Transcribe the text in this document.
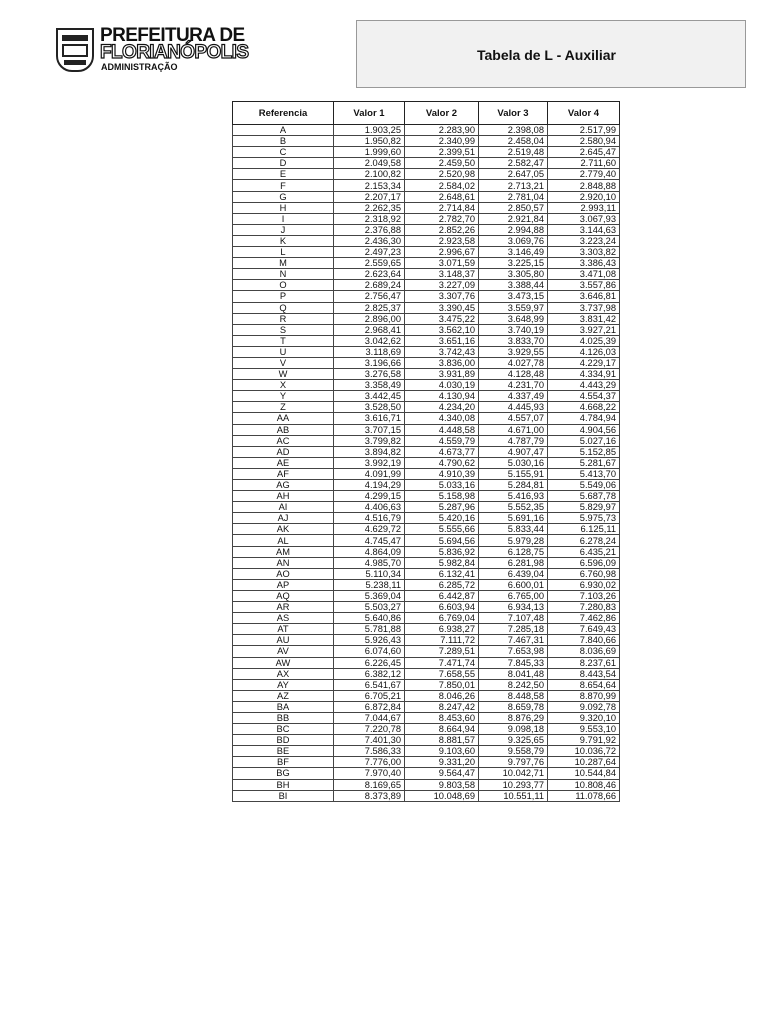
PREFEITURA DE
FLORIANÓPOLIS
ADMINISTRAÇÃO
Tabela de L - Auxiliar
Referencia	Valor 1	Valor 2	Valor 3	Valor 4
A	1.903,25	2.283,90	2.398,08	2.517,99
B	1.950,82	2.340,99	2.458,04	2.580,94
C	1.999,60	2.399,51	2.519,48	2.645,47
D	2.049,58	2.459,50	2.582,47	2.711,60
E	2.100,82	2.520,98	2.647,05	2.779,40
F	2.153,34	2.584,02	2.713,21	2.848,88
G	2.207,17	2.648,61	2.781,04	2.920,10
H	2.262,35	2.714,84	2.850,57	2.993,11
I	2.318,92	2.782,70	2.921,84	3.067,93
J	2.376,88	2.852,26	2.994,88	3.144,63
K	2.436,30	2.923,58	3.069,76	3.223,24
L	2.497,23	2.996,67	3.146,49	3.303,82
M	2.559,65	3.071,59	3.225,15	3.386,43
N	2.623,64	3.148,37	3.305,80	3.471,08
O	2.689,24	3.227,09	3.388,44	3.557,86
P	2.756,47	3.307,76	3.473,15	3.646,81
Q	2.825,37	3.390,45	3.559,97	3.737,98
R	2.896,00	3.475,22	3.648,99	3.831,42
S	2.968,41	3.562,10	3.740,19	3.927,21
T	3.042,62	3.651,16	3.833,70	4.025,39
U	3.118,69	3.742,43	3.929,55	4.126,03
V	3.196,66	3.836,00	4.027,78	4.229,17
W	3.276,58	3.931,89	4.128,48	4.334,91
X	3.358,49	4.030,19	4.231,70	4.443,29
Y	3.442,45	4.130,94	4.337,49	4.554,37
Z	3.528,50	4.234,20	4.445,93	4.668,22
AA	3.616,71	4.340,08	4.557,07	4.784,94
AB	3.707,15	4.448,58	4.671,00	4.904,56
AC	3.799,82	4.559,79	4.787,79	5.027,16
AD	3.894,82	4.673,77	4.907,47	5.152,85
AE	3.992,19	4.790,62	5.030,16	5.281,67
AF	4.091,99	4.910,39	5.155,91	5.413,70
AG	4.194,29	5.033,16	5.284,81	5.549,06
AH	4.299,15	5.158,98	5.416,93	5.687,78
AI	4.406,63	5.287,96	5.552,35	5.829,97
AJ	4.516,79	5.420,16	5.691,16	5.975,73
AK	4.629,72	5.555,66	5.833,44	6.125,11
AL	4.745,47	5.694,56	5.979,28	6.278,24
AM	4.864,09	5.836,92	6.128,75	6.435,21
AN	4.985,70	5.982,84	6.281,98	6.596,09
AO	5.110,34	6.132,41	6.439,04	6.760,98
AP	5.238,11	6.285,72	6.600,01	6.930,02
AQ	5.369,04	6.442,87	6.765,00	7.103,26
AR	5.503,27	6.603,94	6.934,13	7.280,83
AS	5.640,86	6.769,04	7.107,48	7.462,86
AT	5.781,88	6.938,27	7.285,18	7.649,43
AU	5.926,43	7.111,72	7.467,31	7.840,66
AV	6.074,60	7.289,51	7.653,98	8.036,69
AW	6.226,45	7.471,74	7.845,33	8.237,61
AX	6.382,12	7.658,55	8.041,48	8.443,54
AY	6.541,67	7.850,01	8.242,50	8.654,64
AZ	6.705,21	8.046,26	8.448,58	8.870,99
BA	6.872,84	8.247,42	8.659,78	9.092,78
BB	7.044,67	8.453,60	8.876,29	9.320,10
BC	7.220,78	8.664,94	9.098,18	9.553,10
BD	7.401,30	8.881,57	9.325,65	9.791,92
BE	7.586,33	9.103,60	9.558,79	10.036,72
BF	7.776,00	9.331,20	9.797,76	10.287,64
BG	7.970,40	9.564,47	10.042,71	10.544,84
BH	8.169,65	9.803,58	10.293,77	10.808,46
BI	8.373,89	10.048,69	10.551,11	11.078,66
